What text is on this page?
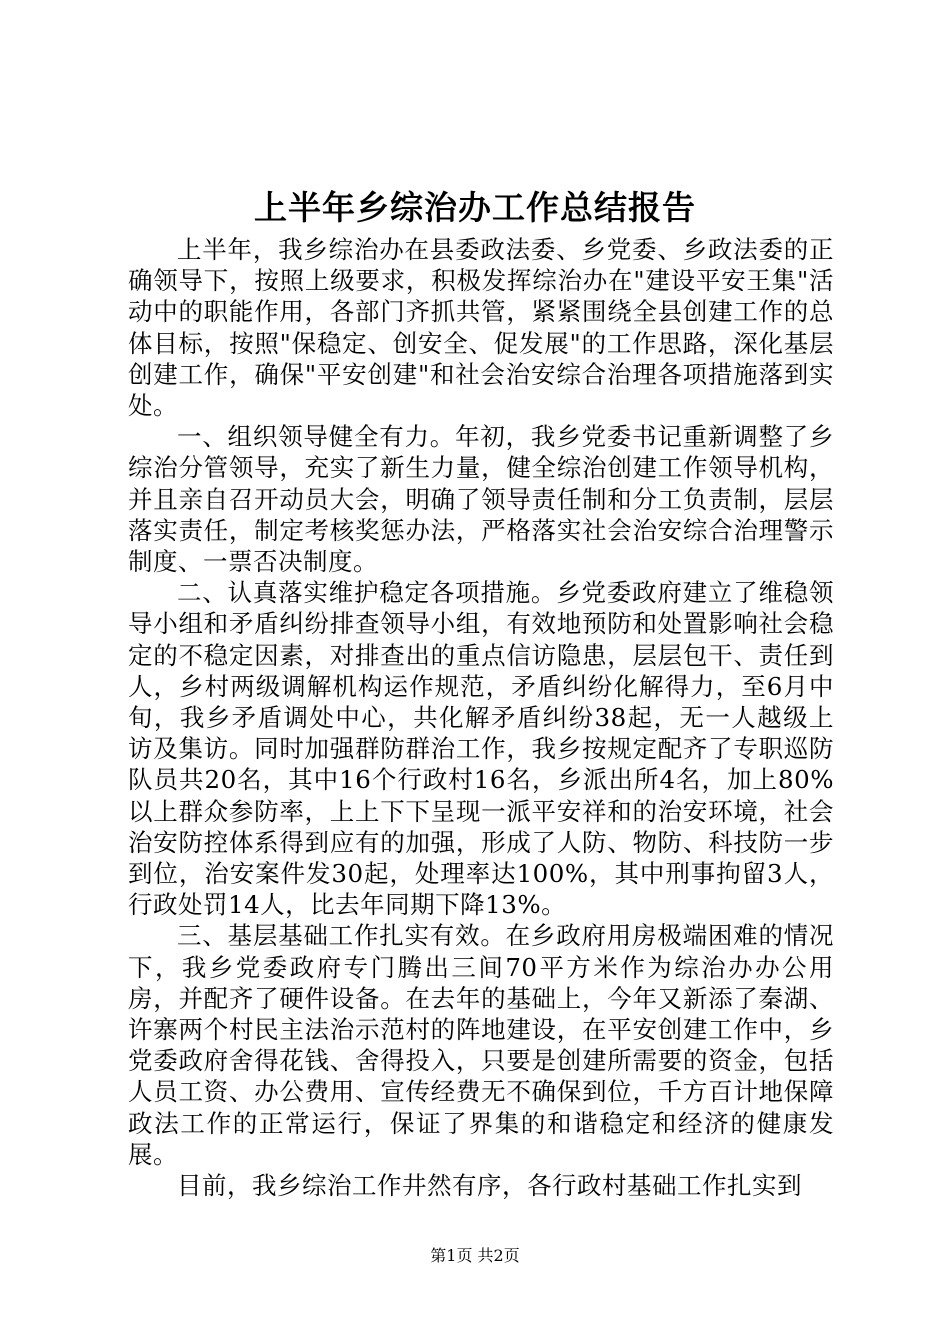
上半年乡综治办工作总结报告

上半年，我乡综治办在县委政法委、乡党委、乡政法委的正确领导下，按照上级要求，积极发挥综治办在"建设平安王集"活动中的职能作用，各部门齐抓共管，紧紧围绕全县创建工作的总体目标，按照"保稳定、创安全、促发展"的工作思路，深化基层创建工作，确保"平安创建"和社会治安综合治理各项措施落到实处。

一、组织领导健全有力。年初，我乡党委书记重新调整了乡综治分管领导，充实了新生力量，健全综治创建工作领导机构，并且亲自召开动员大会，明确了领导责任制和分工负责制，层层落实责任，制定考核奖惩办法，严格落实社会治安综合治理警示制度、一票否决制度。

二、认真落实维护稳定各项措施。乡党委政府建立了维稳领导小组和矛盾纠纷排查领导小组，有效地预防和处置影响社会稳定的不稳定因素，对排查出的重点信访隐患，层层包干、责任到人，乡村两级调解机构运作规范，矛盾纠纷化解得力，至6月中旬，我乡矛盾调处中心，共化解矛盾纠纷38起，无一人越级上访及集访。同时加强群防群治工作，我乡按规定配齐了专职巡防队员共20名，其中16个行政村16名，乡派出所4名，加上80%以上群众参防率，上上下下呈现一派平安祥和的治安环境，社会治安防控体系得到应有的加强，形成了人防、物防、科技防一步到位，治安案件发30起，处理率达100%，其中刑事拘留3人，行政处罚14人，比去年同期下降13%。

三、基层基础工作扎实有效。在乡政府用房极端困难的情况下，我乡党委政府专门腾出三间70平方米作为综治办办公用房，并配齐了硬件设备。在去年的基础上，今年又新添了秦湖、许寨两个村民主法治示范村的阵地建设，在平安创建工作中，乡党委政府舍得花钱、舍得投入，只要是创建所需要的资金，包括人员工资、办公费用、宣传经费无不确保到位，千方百计地保障政法工作的正常运行，保证了界集的和谐稳定和经济的健康发展。

目前，我乡综治工作井然有序，各行政村基础工作扎实到

第1页 共2页
